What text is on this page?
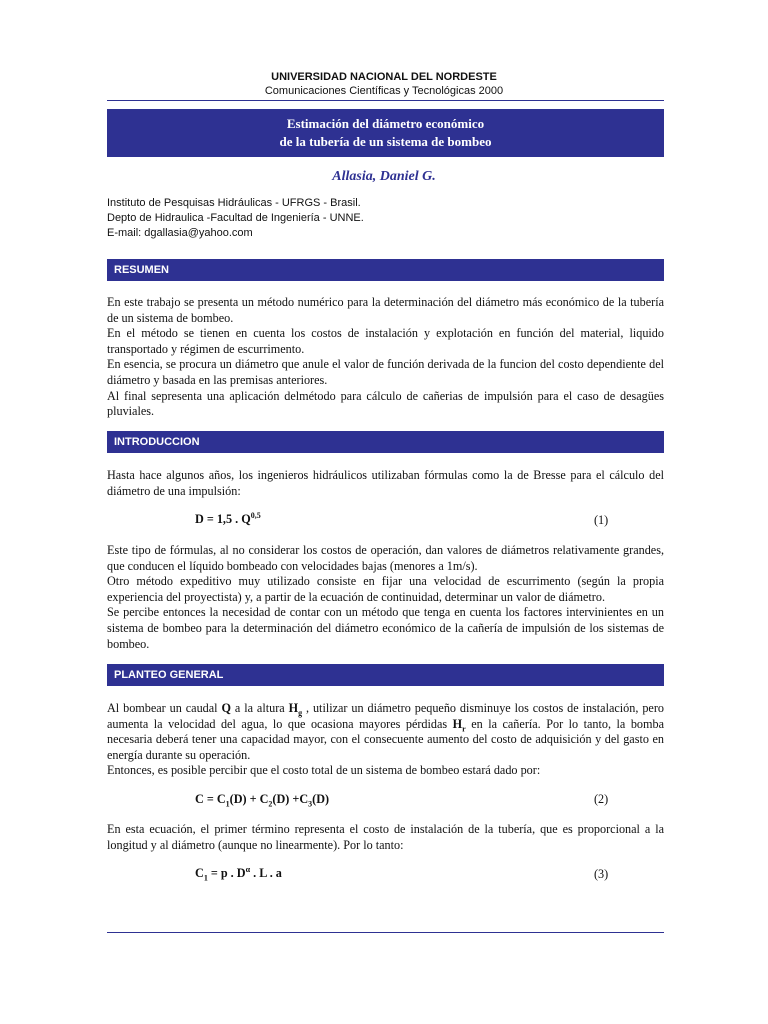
UNIVERSIDAD NACIONAL DEL NORDESTE
Comunicaciones Científicas y Tecnológicas 2000
Estimación del diámetro económico
de la tubería de un sistema de bombeo
Allasia, Daniel G.
Instituto de Pesquisas Hidráulicas - UFRGS - Brasil.
Depto de Hidraulica -Facultad de Ingeniería - UNNE.
E-mail: dgallasia@yahoo.com
RESUMEN

En este trabajo se presenta un método numérico para la determinación del diámetro más económico de la tubería de un sistema de bombeo.

En el método se tienen en cuenta los costos de instalación y explotación en función del material, liquido transportado y régimen de escurrimento.

En esencia, se procura un diámetro que anule el valor de función derivada de la funcion del costo dependiente del diámetro y basada en las premisas anteriores.

Al final sepresenta una aplicación delmétodo para cálculo de cañerias de impulsión para el caso de desagües pluviales.

INTRODUCCION

Hasta hace algunos años, los ingenieros hidráulicos utilizaban fórmulas como la de Bresse para el cálculo del diámetro de una impulsión:

D = 1,5 . Q$^{0,5}$	(1)

Este tipo de fórmulas, al no considerar los costos de operación, dan valores de diámetros relativamente grandes, que conducen el líquido bombeado con velocidades bajas (menores a 1m/s).

Otro método expeditivo muy utilizado consiste en fijar una velocidad de escurrimento (según la propia experiencia del proyectista) y, a partir de la ecuación de continuidad, determinar un valor de diámetro.

Se percibe entonces la necesidad de contar con un método que tenga en cuenta los factores intervinientes en un sistema de bombeo para la determinación del diámetro económico de la cañería de impulsión de los sistemas de bombeo.

PLANTEO GENERAL

Al bombear un caudal Q a la altura $H_g$ , utilizar un diámetro pequeño disminuye los costos de instalación, pero aumenta la velocidad del agua, lo que ocasiona mayores pérdidas $H_r$ en la cañería. Por lo tanto, la bomba necesaria deberá tener una capacidad mayor, con el consecuente aumento del costo de adquisición y del gasto en energía durante su operación.

Entonces, es posible percibir que el costo total de un sistema de bombeo estará dado por:

$C = C_1(D) + C_2(D) +C_3(D)$	(2)

En esta ecuación, el primer término representa el costo de instalación de la tubería, que es proporcional a la longitud y al diámetro (aunque no linearmente). Por lo tanto:

$C_1 = p$ . $D^\alpha$ . L . a	(3)
